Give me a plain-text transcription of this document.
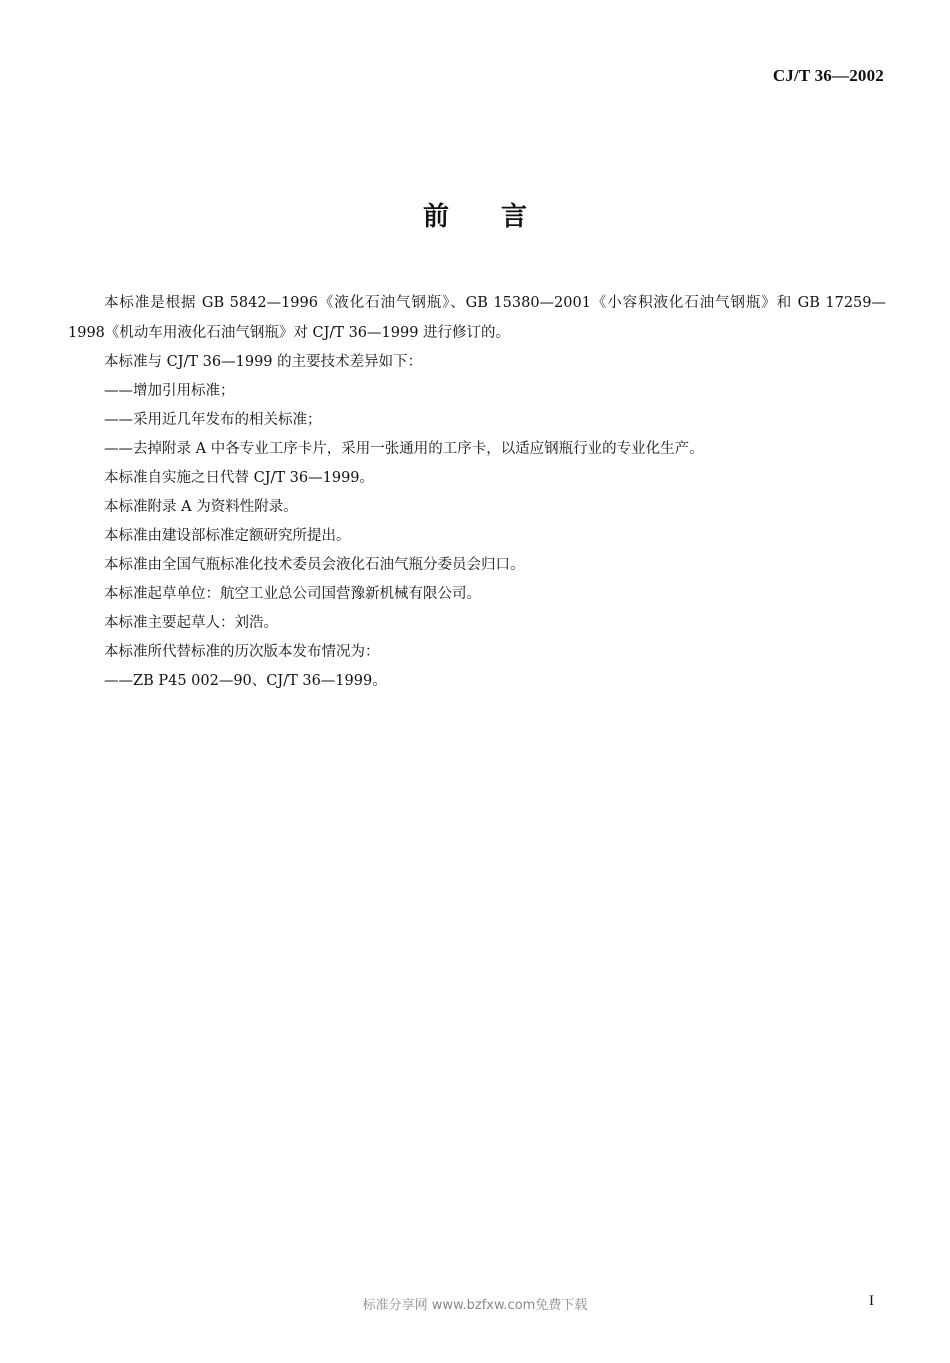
CJ/T 36—2002
前言

本标准是根据 GB 5842—1996《液化石油气钢瓶》、GB 15380—2001《小容积液化石油气钢瓶》和 GB 17259—1998《机动车用液化石油气钢瓶》对 CJ/T 36—1999 进行修订的。

本标准与 CJ/T 36—1999 的主要技术差异如下：

——增加引用标准；

——采用近几年发布的相关标准；

——去掉附录 A 中各专业工序卡片，采用一张通用的工序卡，以适应钢瓶行业的专业化生产。

本标准自实施之日代替 CJ/T 36—1999。

本标准附录 A 为资料性附录。

本标准由建设部标准定额研究所提出。

本标准由全国气瓶标准化技术委员会液化石油气瓶分委员会归口。

本标准起草单位：航空工业总公司国营豫新机械有限公司。

本标准主要起草人：刘浩。

本标准所代替标准的历次版本发布情况为：

——ZB P45 002—90、CJ/T 36—1999。

标准分享网 www.bzfxw.com免费下载	I
